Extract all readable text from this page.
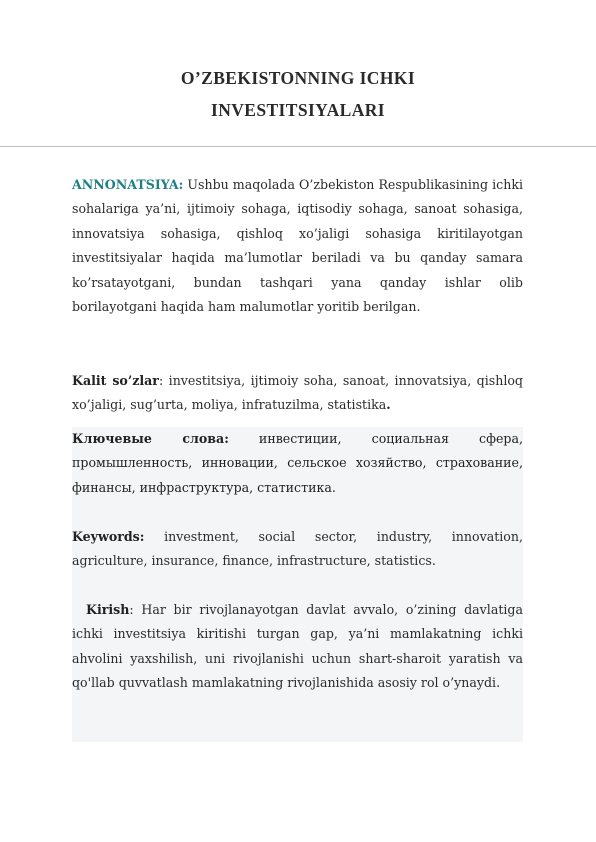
O’ZBEKISTONNING ICHKI
INVESTITSIYALARI

ANNONATSIYA: Ushbu maqolada O’zbekiston Respublikasining ichki sohalariga ya’ni, ijtimoiy sohaga, iqtisodiy sohaga, sanoat sohasiga, innovatsiya sohasiga, qishloq xo’jaligi sohasiga kiritilayotgan investitsiyalar haqida ma’lumotlar beriladi va bu qanday samara ko’rsatayotgani, bundan tashqari yana qanday ishlar olib borilayotgani haqida ham malumotlar yoritib berilgan.

Kalit so’zlar: investitsiya, ijtimoiy soha, sanoat, innovatsiya, qishloq xo’jaligi, sug’urta, moliya, infratuzilma, statistika.

Ключевые слова: инвестиции, социальная сфера, промышленность, инновации, сельское хозяйство, страхование, финансы, инфраструктура, статистика.

Keywords: investment, social sector, industry, innovation, agriculture, insurance, finance, infrastructure, statistics.

Kirish: Har bir rivojlanayotgan davlat avvalo, o’zining davlatiga ichki investitsiya kiritishi turgan gap, ya’ni mamlakatning ichki ahvolini yaxshilish, uni rivojlanishi uchun shart-sharoit yaratish va qo'llab quvvatlash mamlakatning rivojlanishida asosiy rol o’ynaydi.
